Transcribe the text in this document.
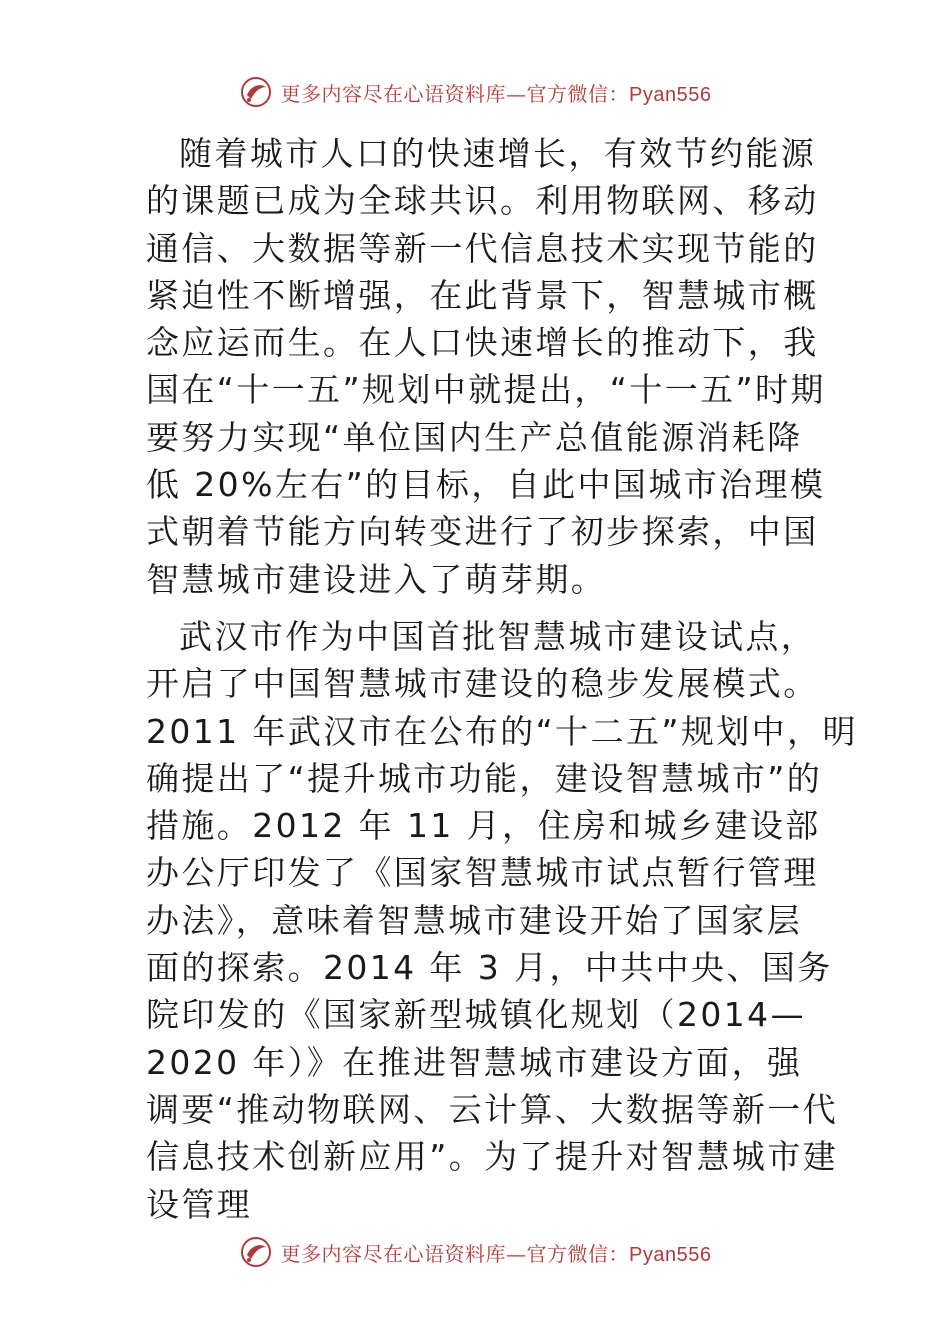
更多内容尽在心语资料库—官方微信：Pyan556
随着城市人口的快速增长，有效节约能源
的课题已成为全球共识。利用物联网、移动
通信、大数据等新一代信息技术实现节能的
紧迫性不断增强，在此背景下，智慧城市概
念应运而生。在人口快速增长的推动下，我
国在“十一五”规划中就提出，“十一五”时期
要努力实现“单位国内生产总值能源消耗降
低 20%左右”的目标，自此中国城市治理模
式朝着节能方向转变进行了初步探索，中国
智慧城市建设进入了萌芽期。
武汉市作为中国首批智慧城市建设试点，
开启了中国智慧城市建设的稳步发展模式。
2011 年武汉市在公布的“十二五”规划中，明
确提出了“提升城市功能，建设智慧城市”的
措施。2012 年 11 月，住房和城乡建设部
办公厅印发了《国家智慧城市试点暂行管理
办法》，意味着智慧城市建设开始了国家层
面的探索。2014 年 3 月，中共中央、国务
院印发的《国家新型城镇化规划（2014—
2020 年）》在推进智慧城市建设方面，强
调要“推动物联网、云计算、大数据等新一代
信息技术创新应用”。为了提升对智慧城市建
设管理
更多内容尽在心语资料库—官方微信：Pyan556
